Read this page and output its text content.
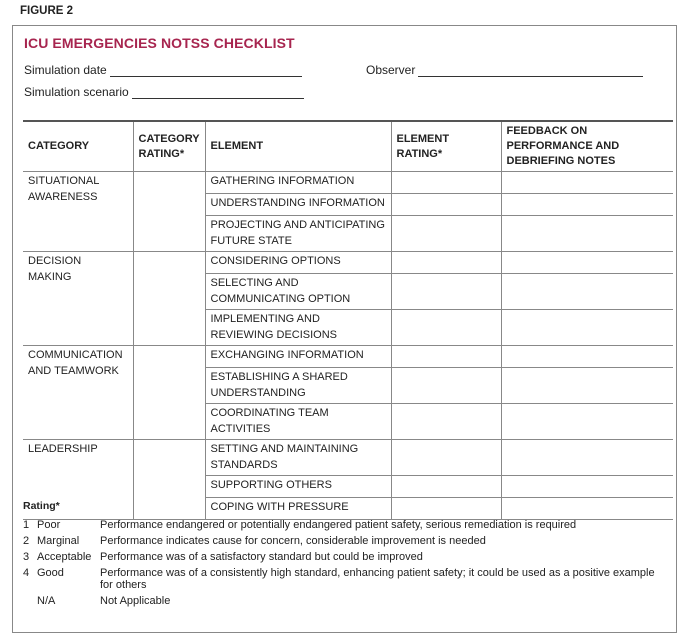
FIGURE 2
ICU EMERGENCIES NOTSS CHECKLIST
Simulation date	Observer
Simulation scenario
CATEGORY	CATEGORY RATING*	ELEMENT	ELEMENT RATING*	FEEDBACK ON PERFORMANCE AND DEBRIEFING NOTES
SITUATIONAL AWARENESS		GATHERING INFORMATION		
		UNDERSTANDING INFORMATION		
		PROJECTING AND ANTICIPATING FUTURE STATE		
DECISION MAKING		CONSIDERING OPTIONS		
		SELECTING AND COMMUNICATING OPTION		
		IMPLEMENTING AND REVIEWING DECISIONS		
COMMUNICATION AND TEAMWORK		EXCHANGING INFORMATION		
		ESTABLISHING A SHARED UNDERSTANDING		
		COORDINATING TEAM ACTIVITIES		
LEADERSHIP		SETTING AND MAINTAINING STANDARDS		
		SUPPORTING OTHERS		
		COPING WITH PRESSURE		
Rating*
1 Poor	Performance endangered or potentially endangered patient safety, serious remediation is required
2 Marginal	Performance indicates cause for concern, considerable improvement is needed
3 Acceptable Performance was of a satisfactory standard but could be improved
4 Good	Performance was of a consistently high standard, enhancing patient safety; it could be used as a positive example for others
N/A	Not Applicable
